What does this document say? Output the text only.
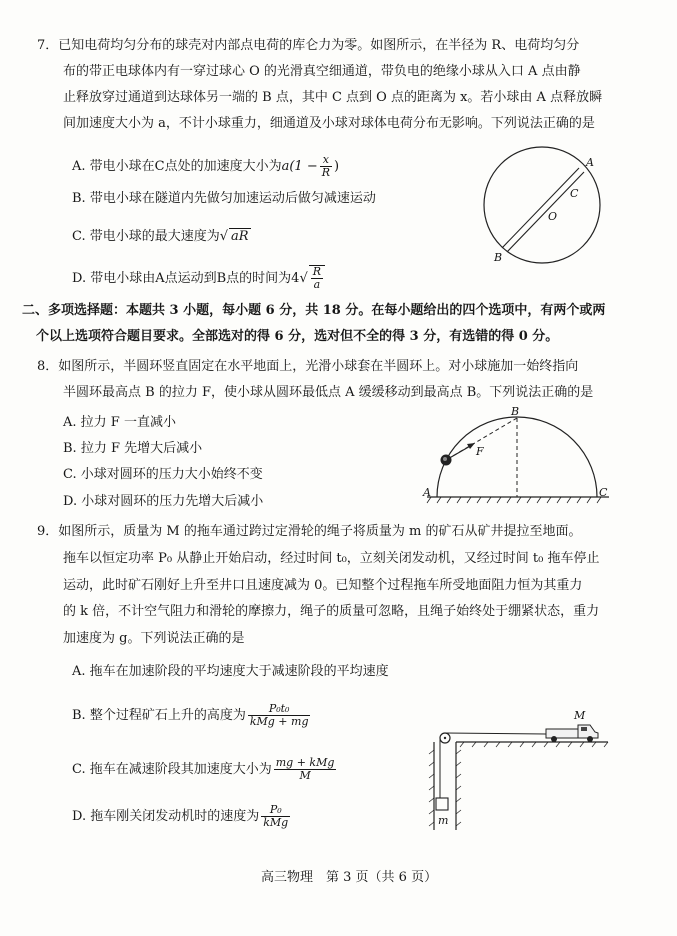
7．已知电荷均匀分布的球壳对内部点电荷的库仑力为零。如图所示，在半径为 R、电荷均匀分
布的带正电球体内有一穿过球心 O 的光滑真空细通道，带负电的绝缘小球从入口 A 点由静
止释放穿过通道到达球体另一端的 B 点，其中 C 点到 O 点的距离为 x。若小球由 A 点释放瞬
间加速度大小为 a，不计小球重力，细通道及小球对球体电荷分布无影响。下列说法正确的是
A. 带电小球在C点处的加速度大小为$a(1 - \frac{x}{R}$ )
B. 带电小球在隧道内先做匀加速运动后做匀减速运动
C. 带电小球的最大速度为√ aR
D. 带电小球由A点运动到B点的时间为$4√ \frac{R}{a}$
A
C
O
B
二、多项选择题：本题共 3 小题，每小题 6 分，共 18 分。在每小题给出的四个选项中，有两个或两
个以上选项符合题目要求。全部选对的得 6 分，选对但不全的得 3 分，有选错的得 0 分。
8．如图所示，半圆环竖直固定在水平地面上，光滑小球套在半圆环上。对小球施加一始终指向
半圆环最高点 B 的拉力 F，使小球从圆环最低点 A 缓缓移动到最高点 B。下列说法正确的是
A. 拉力 F 一直减小
B. 拉力 F 先增大后减小
C. 小球对圆环的压力大小始终不变
D. 小球对圆环的压力先增大后减小
B
F
A	C
9．如图所示，质量为 M 的拖车通过跨过定滑轮的绳子将质量为 m 的矿石从矿井提拉至地面。
拖车以恒定功率 P₀ 从静止开始启动，经过时间 t₀，立刻关闭发动机，又经过时间 t₀ 拖车停止
运动，此时矿石刚好上升至井口且速度减为 0。已知整个过程拖车所受地面阻力恒为其重力
的 k 倍，不计空气阻力和滑轮的摩擦力，绳子的质量可忽略，且绳子始终处于绷紧状态，重力
加速度为 g。下列说法正确的是
A. 拖车在加速阶段的平均速度大于减速阶段的平均速度
B. 整个过程矿石上升的高度为 $\frac{\text{P₀t₀}}{\text{kMg + mg}}$
C. 拖车在减速阶段其加速度大小为 $\frac{\text{mg + kMg}}{M}$
D. 拖车刚关闭发动机时的速度为 $\frac{\text{P₀}}{\text{kMg}}$
M
m
高三物理　第 3 页（共 6 页）
